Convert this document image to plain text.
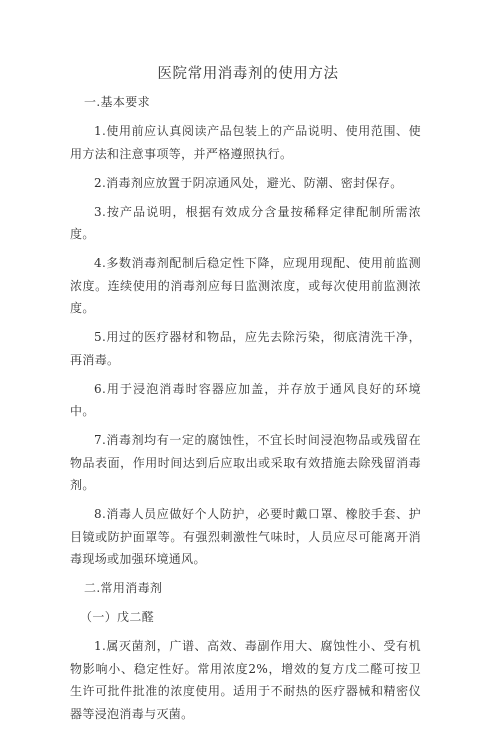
医院常用消毒剂的使用方法

一.基本要求

1.使用前应认真阅读产品包装上的产品说明、使用范围、使用方法和注意事项等，并严格遵照执行。

2.消毒剂应放置于阴凉通风处，避光、防潮、密封保存。

3.按产品说明，根据有效成分含量按稀释定律配制所需浓度。

4.多数消毒剂配制后稳定性下降，应现用现配、使用前监测浓度。连续使用的消毒剂应每日监测浓度，或每次使用前监测浓度。

5.用过的医疗器材和物品，应先去除污染，彻底清洗干净，再消毒。

6.用于浸泡消毒时容器应加盖，并存放于通风良好的环境中。

7.消毒剂均有一定的腐蚀性，不宜长时间浸泡物品或残留在物品表面，作用时间达到后应取出或采取有效措施去除残留消毒剂。

8.消毒人员应做好个人防护，必要时戴口罩、橡胶手套、护目镜或防护面罩等。有强烈刺激性气味时，人员应尽可能离开消毒现场或加强环境通风。

二.常用消毒剂

（一）戊二醛

1.属灭菌剂，广谱、高效、毒副作用大、腐蚀性小、受有机物影响小、稳定性好。常用浓度2%，增效的复方戊二醛可按卫生许可批件批准的浓度使用。适用于不耐热的医疗器械和精密仪器等浸泡消毒与灭菌。
